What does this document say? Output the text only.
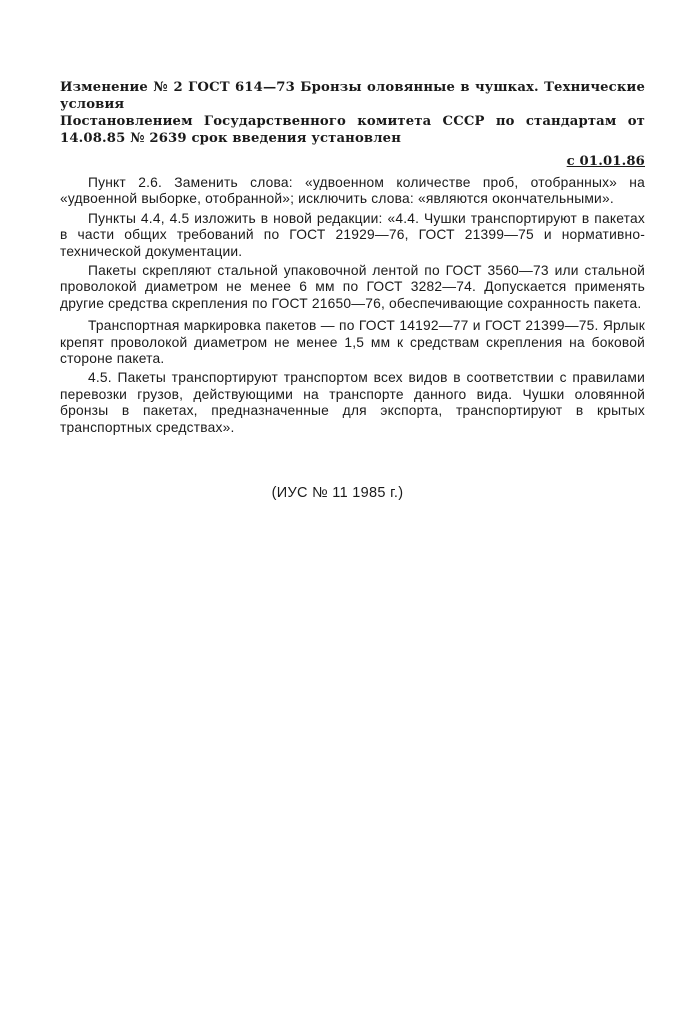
Изменение № 2 ГОСТ 614—73 Бронзы оловянные в чушках. Технические условия

Постановлением Государственного комитета СССР по стандартам от 14.08.85 № 2639 срок введения установлен

с 01.01.86

Пункт 2.6. Заменить слова: «удвоенном количестве проб, отобранных» на «удвоенной выборке, отобранной»; исключить слова: «являются окончательными».

Пункты 4.4, 4.5 изложить в новой редакции: «4.4. Чушки транспортируют в пакетах в части общих требований по ГОСТ 21929—76, ГОСТ 21399—75 и нормативно-технической документации.

Пакеты скрепляют стальной упаковочной лентой по ГОСТ 3560—73 или стальной проволокой диаметром не менее 6 мм по ГОСТ 3282—74. Допускается применять другие средства скрепления по ГОСТ 21650—76, обеспечивающие сохранность пакета.

Транспортная маркировка пакетов — по ГОСТ 14192—77 и ГОСТ 21399—75. Ярлык крепят проволокой диаметром не менее 1,5 мм к средствам скрепления на боковой стороне пакета.

4.5. Пакеты транспортируют транспортом всех видов в соответствии с правилами перевозки грузов, действующими на транспорте данного вида. Чушки оловянной бронзы в пакетах, предназначенные для экспорта, транспортируют в крытых транспортных средствах».

(ИУС № 11 1985 г.)
